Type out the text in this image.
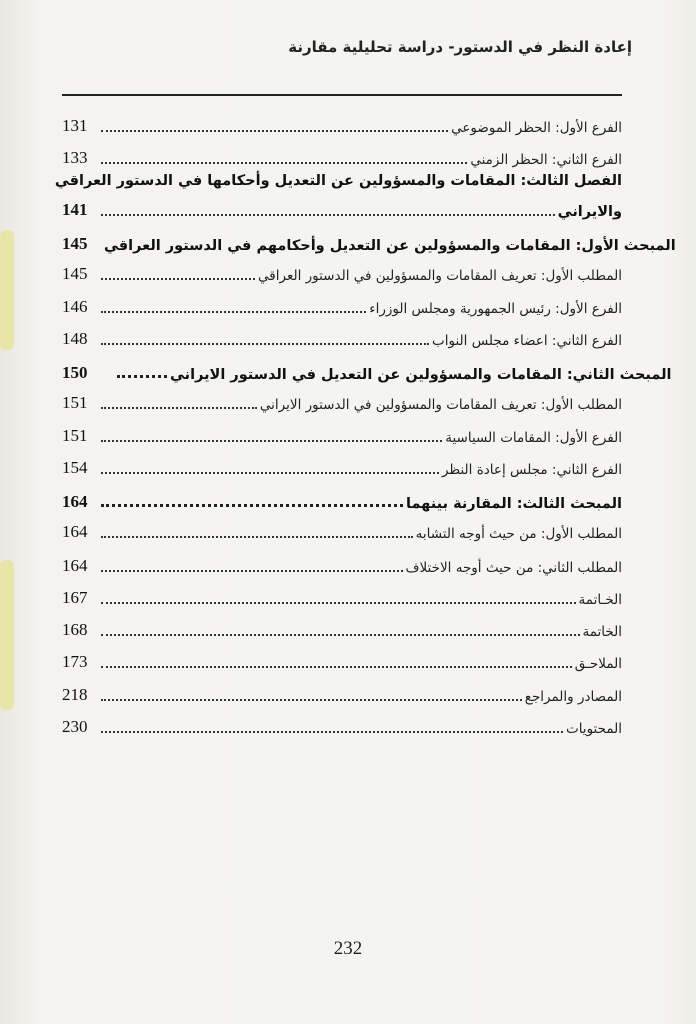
إعادة النظر في الدستور- دراسة تحليلية مقارنة
131	الفرع الأول: الحظر الموضوعي
133	الفرع الثاني: الحظر الزمني
الفصل الثالث: المقامات والمسؤولين عن التعديل وأحكامها في الدستور العراقي
141	والايراني
145	المبحث الأول: المقامات والمسؤولين عن التعديل وأحكامهم في الدستور العراقي
145	المطلب الأول: تعريف المقامات والمسؤولين في الدستور العراقي
146	الفرع الأول: رئيس الجمهورية ومجلس الوزراء
148	الفرع الثاني: اعضاء مجلس النواب
150	المبحث الثاني: المقامات والمسؤولين عن التعديل في الدستور الايراني
151	المطلب الأول: تعريف المقامات والمسؤولين في الدستور الايراني
151	الفرع الأول: المقامات السياسية
154	الفرع الثاني: مجلس إعادة النظر
164	المبحث الثالث: المقارنة بينهما
164	المطلب الأول: من حيث أوجه التشابه
164	المطلب الثاني: من حيث أوجه الاختلاف
167	الخـاتمة
168	الخاتمة
173	الملاحـق
218	المصادر والمراجع
230	المحتويات
232
